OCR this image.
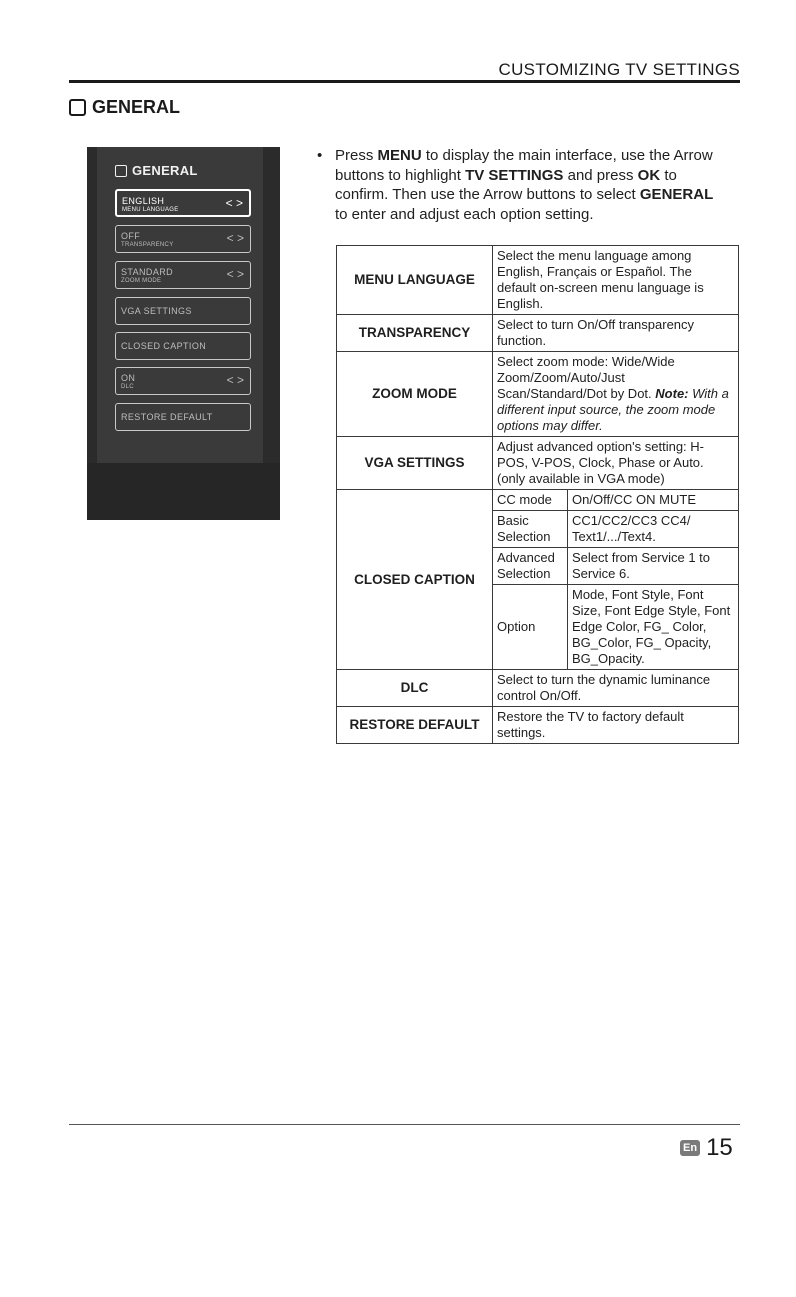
CUSTOMIZING TV SETTINGS
GENERAL
GENERAL
ENGLISH
MENU LANGUAGE	< >
OFF
TRANSPARENCY	< >
STANDARD
ZOOM MODE	< >
VGA SETTINGS
CLOSED CAPTION
ON
DLC	< >
RESTORE DEFAULT
• Press MENU to display the main interface, use the Arrow buttons to highlight TV SETTINGS and press OK to confirm. Then use the Arrow buttons to select GENERAL to enter and adjust each option setting.
MENU LANGUAGE	Select the menu language among English, Français or Español. The default on-screen menu language is English.	
TRANSPARENCY	Select to turn On/Off transparency function.	
ZOOM MODE	Select zoom mode: Wide/Wide Zoom/Zoom/Auto/Just Scan/Standard/Dot by Dot. Note: With a different input source, the zoom mode options may differ.	
VGA SETTINGS	Adjust advanced option's setting: H-POS, V-POS, Clock, Phase or Auto. (only available in VGA mode)	
CLOSED CAPTION	CC mode	On/Off/CC ON MUTE
	Basic Selection	CC1/CC2/CC3 CC4/ Text1/.../Text4.
	Advanced Selection	Select from Service 1 to Service 6.
	Option	Mode, Font Style, Font Size, Font Edge Style, Font Edge Color, FG_ Color, BG_Color, FG_ Opacity, BG_Opacity.
DLC	Select to turn the dynamic luminance control On/Off.	
RESTORE DEFAULT	Restore the TV to factory default settings.	
En 15
